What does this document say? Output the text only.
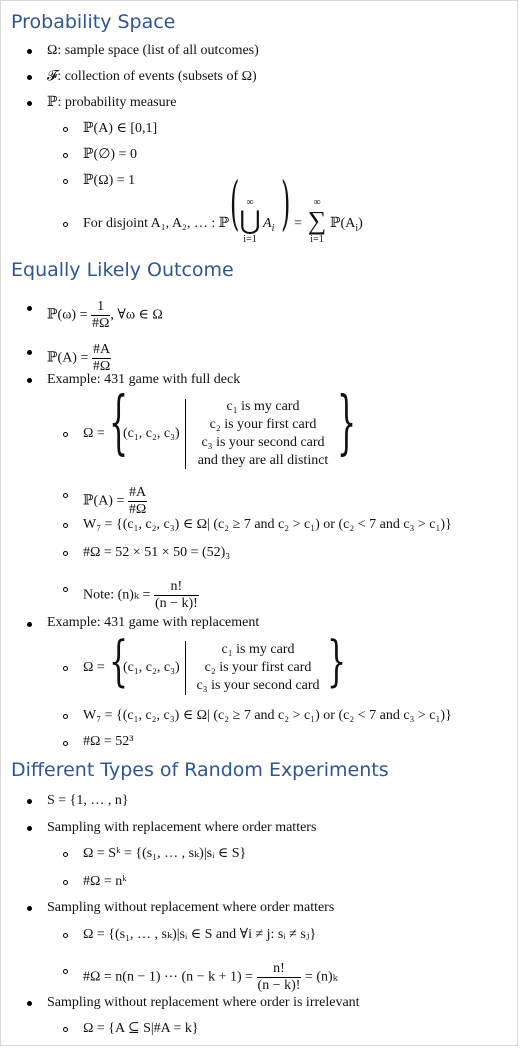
Probability Space
Ω: sample space (list of all outcomes)
𝓕: collection of events (subsets of Ω)
ℙ: probability measure
ℙ(A) ∈ [0,1]
ℙ(∅) = 0
ℙ(Ω) = 1
For disjoint A₁, A₂, … : ℙ ( ∞
⋃
i=1
$A_i$ ) =
∞
∑
i=1
$ℙ(A_i)$
Equally Likely Outcome
ℙ(ω) = $\frac{1}{\#\Omega}$ , ∀ω ∈ Ω
ℙ(A) = $\frac{\#A}{\#\Omega}$
Example: 431 game with full deck
Ω = {
(c₁, c₂, c₃)
c₁ is my card
c₂ is your first card
c₃ is your second card
and they are all distinct }
ℙ(A) = $\frac{\#A}{\#\Omega}$
W₇ = {(c₁, c₂, c₃) ∈ Ω| (c₂ ≥ 7 and c₂ > c₁) or (c₂ < 7 and c₃ > c₁)}
#Ω = 52 × 51 × 50 = (52)₃
Note: $(n)_k = \frac{n!}{(n - k)!}$
Example: 431 game with replacement
Ω = {
(c₁, c₂, c₃)
c₁ is my card
c₂ is your first card
c₃ is your second card }
W₇ = {(c₁, c₂, c₃) ∈ Ω| (c₂ ≥ 7 and c₂ > c₁) or (c₂ < 7 and c₃ > c₁)}
#Ω = 52³
Different Types of Random Experiments
S = {1, … , n}
Sampling with replacement where order matters
Ω = Sᵏ = {(s₁, … , sₖ)|sᵢ ∈ S}
#Ω = nᵏ
Sampling without replacement where order matters
Ω = {(s₁, … , sₖ)|sᵢ ∈ S and ∀i ≠ j: sᵢ ≠ sⱼ}
#Ω = n(n − 1) ⋯ $(n - k + 1) = \frac{n!}{(n - k)!} = (n)_k$
Sampling without replacement where order is irrelevant
Ω = {A ⊆ S|#A = k}
